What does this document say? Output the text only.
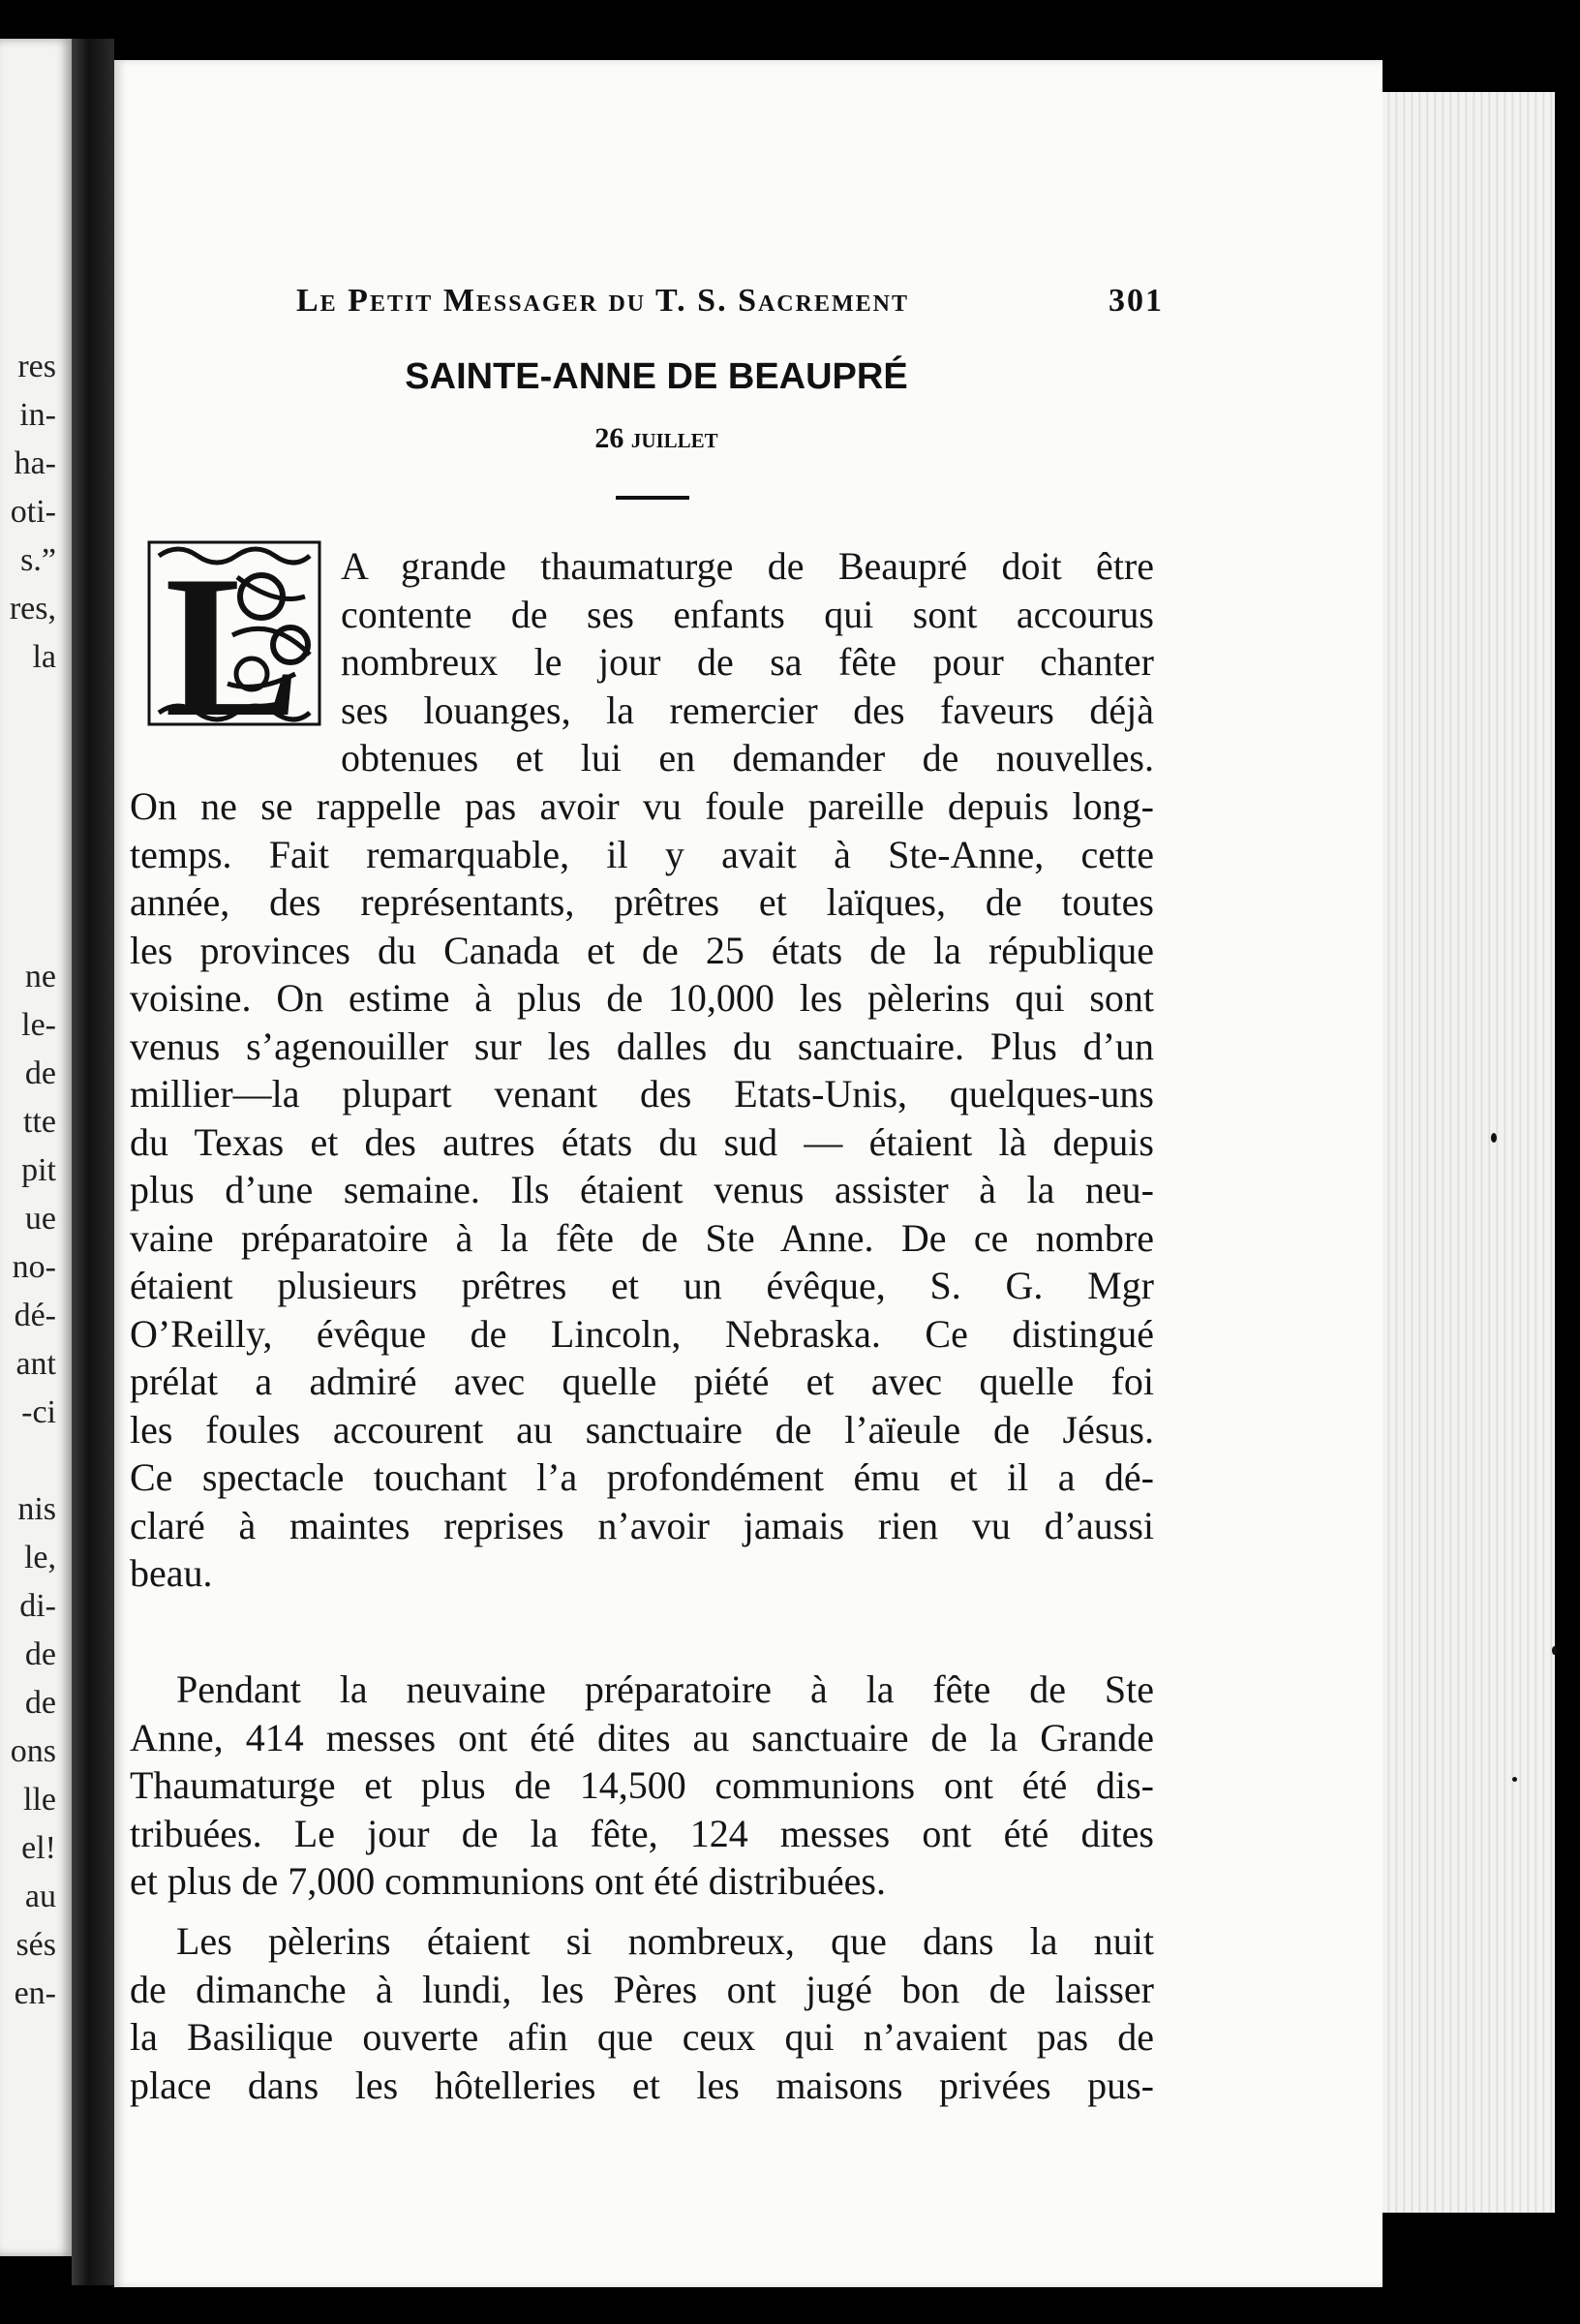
res
in-
ha-
oti-
s.”
res,
la
ne
le-
de
tte
pit
ue
no-
dé-
ant
-ci
nis
le,
di-
de
de
ons
lle
el!
au
sés
en-
Le Petit Messager du T. S. Sacrement	301
SAINTE-ANNE DE BEAUPRÉ
26 juillet
L A grande thaumaturge de Beaupré doit être
contente de ses enfants qui sont accourus
nombreux le jour de sa fête pour chanter
ses louanges, la remercier des faveurs déjà
obtenues et lui en demander de nouvelles.
On ne se rappelle pas avoir vu foule pareille depuis long-
temps. Fait remarquable, il y avait à Ste-Anne, cette
année, des représentants, prêtres et laïques, de toutes
les provinces du Canada et de 25 états de la république
voisine. On estime à plus de 10,000 les pèlerins qui sont
venus s’agenouiller sur les dalles du sanctuaire. Plus d’un
millier—la plupart venant des Etats-Unis, quelques-uns
du Texas et des autres états du sud — étaient là depuis
plus d’une semaine. Ils étaient venus assister à la neu-
vaine préparatoire à la fête de Ste Anne. De ce nombre
étaient plusieurs prêtres et un évêque, S. G. Mgr
O’Reilly, évêque de Lincoln, Nebraska. Ce distingué
prélat a admiré avec quelle piété et avec quelle foi
les foules accourent au sanctuaire de l’aïeule de Jésus.
Ce spectacle touchant l’a profondément ému et il a dé-
claré à maintes reprises n’avoir jamais rien vu d’aussi
beau.
Pendant la neuvaine préparatoire à la fête de Ste
Anne, 414 messes ont été dites au sanctuaire de la Grande
Thaumaturge et plus de 14,500 communions ont été dis-
tribuées. Le jour de la fête, 124 messes ont été dites
et plus de 7,000 communions ont été distribuées.
Les pèlerins étaient si nombreux, que dans la nuit
de dimanche à lundi, les Pères ont jugé bon de laisser
la Basilique ouverte afin que ceux qui n’avaient pas de
place dans les hôtelleries et les maisons privées pus-
